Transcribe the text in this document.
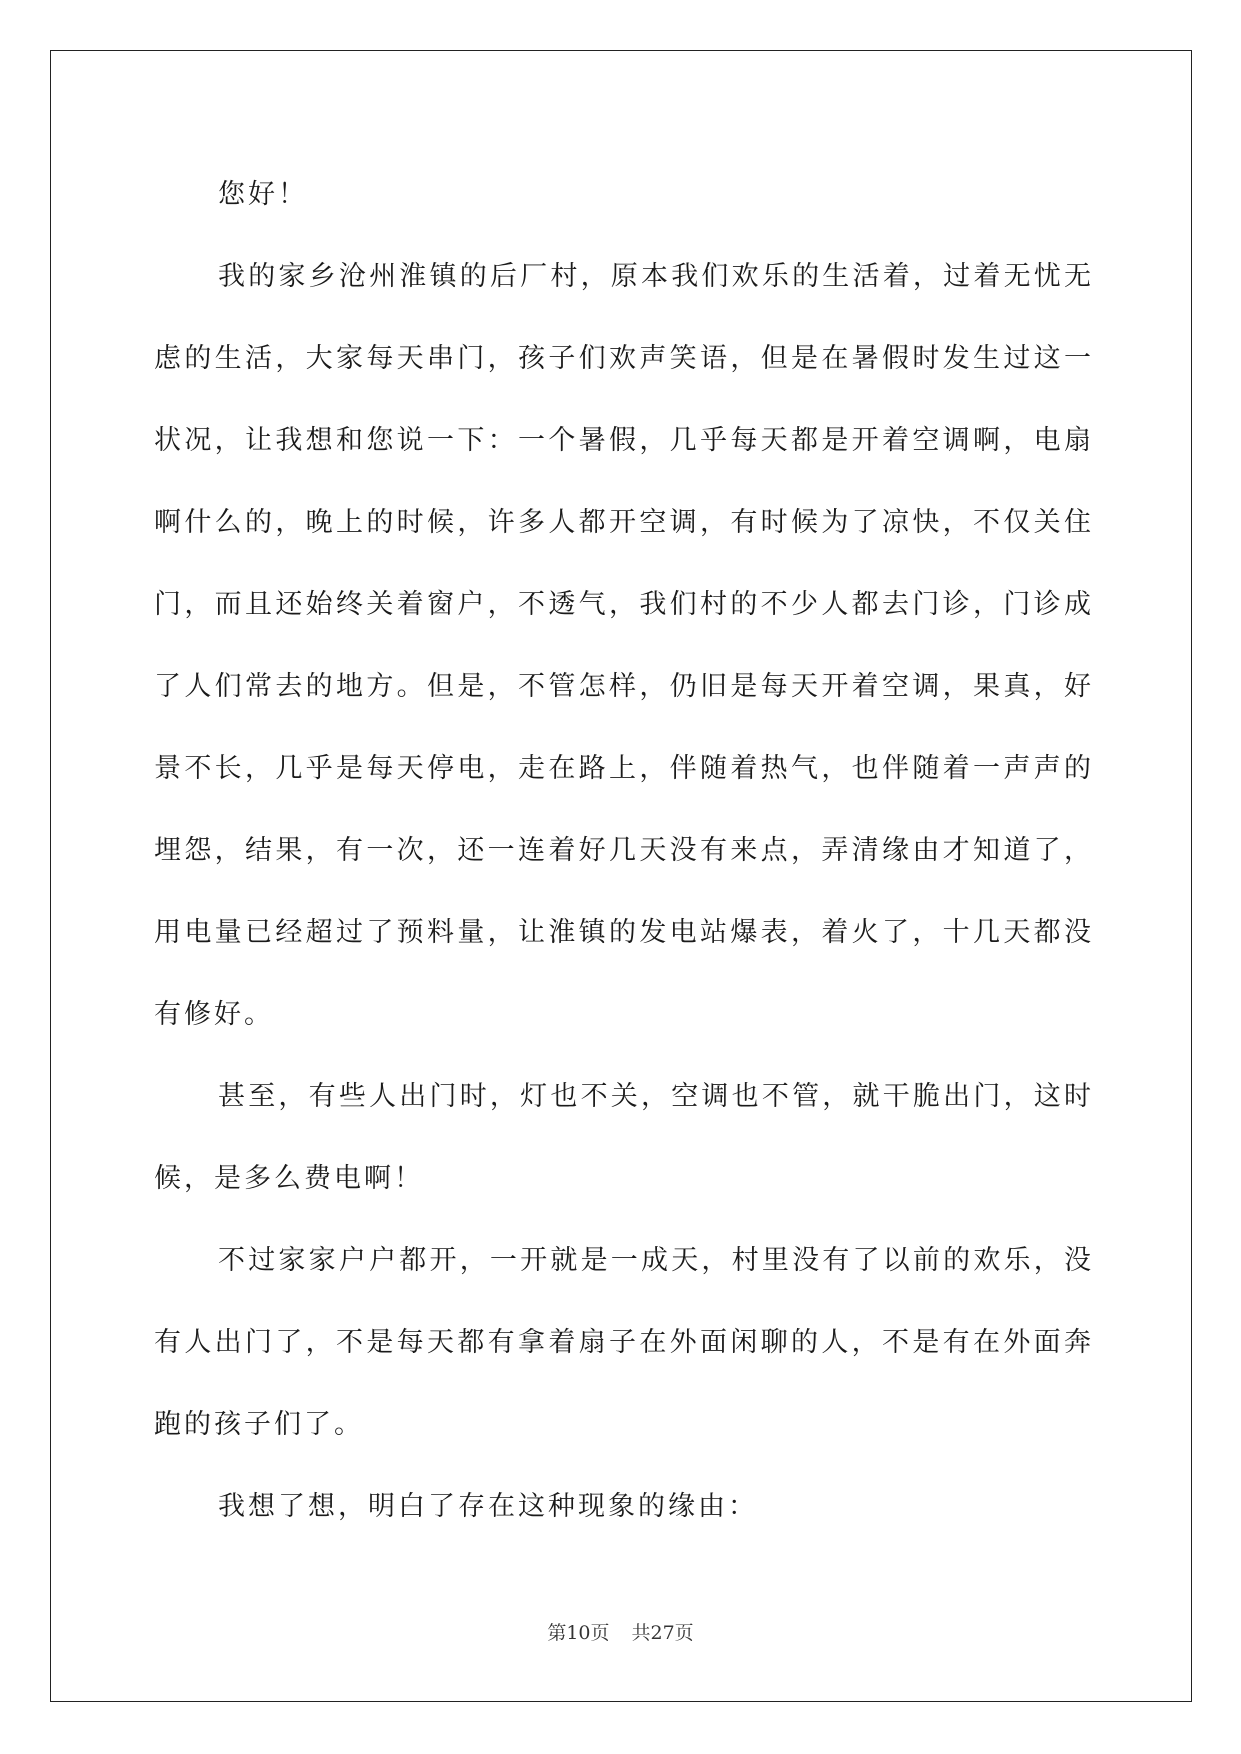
您好！

我的家乡沧州淮镇的后厂村，原本我们欢乐的生活着，过着无忧无虑的生活，大家每天串门，孩子们欢声笑语，但是在暑假时发生过这一状况，让我想和您说一下：一个暑假，几乎每天都是开着空调啊，电扇啊什么的，晚上的时候，许多人都开空调，有时候为了凉快，不仅关住门，而且还始终关着窗户，不透气，我们村的不少人都去门诊，门诊成了人们常去的地方。但是，不管怎样，仍旧是每天开着空调，果真，好景不长，几乎是每天停电，走在路上，伴随着热气，也伴随着一声声的埋怨，结果，有一次，还一连着好几天没有来点，弄清缘由才知道了，用电量已经超过了预料量，让淮镇的发电站爆表，着火了，十几天都没有修好。

甚至，有些人出门时，灯也不关，空调也不管，就干脆出门，这时候，是多么费电啊！

不过家家户户都开，一开就是一成天，村里没有了以前的欢乐，没有人出门了，不是每天都有拿着扇子在外面闲聊的人，不是有在外面奔跑的孩子们了。

我想了想，明白了存在这种现象的缘由：

第10页 共27页
